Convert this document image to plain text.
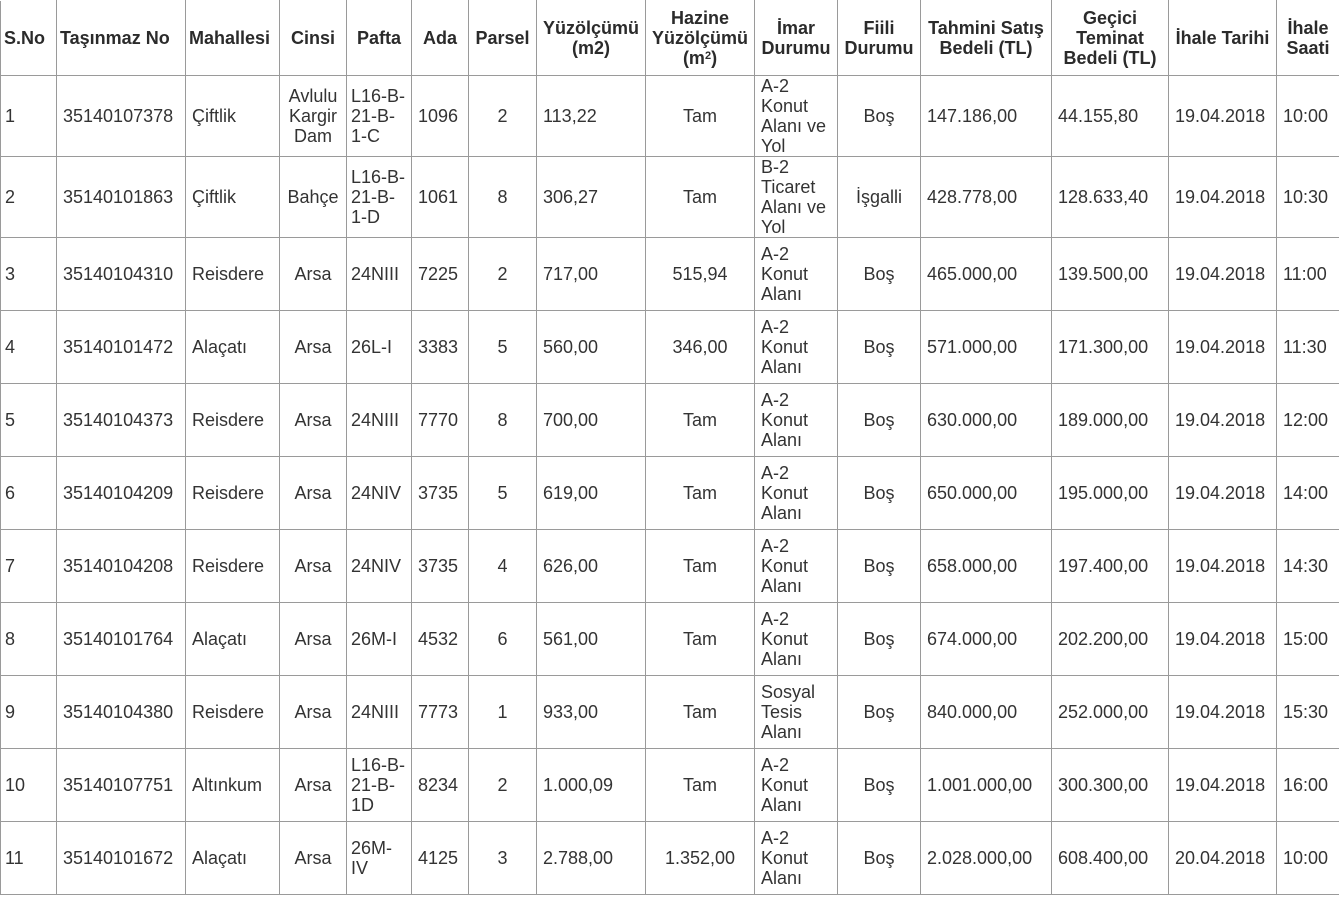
S.No	Taşınmaz No	Mahallesi	Cinsi	Pafta	Ada	Parsel	Yüzölçümü (m2)	Hazine Yüzölçümü $(m^2)$	İmar Durumu	Fiili Durumu	Tahmini Satış Bedeli (TL)	Geçici Teminat Bedeli (TL)	İhale Tarihi	İhale Saati
1	35140107378	Çiftlik	Avlulu Kargir Dam	L16-B-21-B-1-C	1096	2	113,22	Tam	A-2 Konut Alanı ve Yol	Boş	147.186,00	44.155,80	19.04.2018	10:00
2	35140101863	Çiftlik	Bahçe	L16-B-21-B-1-D	1061	8	306,27	Tam	B-2 Ticaret Alanı ve Yol	İşgalli	428.778,00	128.633,40	19.04.2018	10:30
3	35140104310	Reisdere	Arsa	24NIII	7225	2	717,00	515,94	A-2 Konut Alanı	Boş	465.000,00	139.500,00	19.04.2018	11:00
4	35140101472	Alaçatı	Arsa	26L-I	3383	5	560,00	346,00	A-2 Konut Alanı	Boş	571.000,00	171.300,00	19.04.2018	11:30
5	35140104373	Reisdere	Arsa	24NIII	7770	8	700,00	Tam	A-2 Konut Alanı	Boş	630.000,00	189.000,00	19.04.2018	12:00
6	35140104209	Reisdere	Arsa	24NIV	3735	5	619,00	Tam	A-2 Konut Alanı	Boş	650.000,00	195.000,00	19.04.2018	14:00
7	35140104208	Reisdere	Arsa	24NIV	3735	4	626,00	Tam	A-2 Konut Alanı	Boş	658.000,00	197.400,00	19.04.2018	14:30
8	35140101764	Alaçatı	Arsa	26M-I	4532	6	561,00	Tam	A-2 Konut Alanı	Boş	674.000,00	202.200,00	19.04.2018	15:00
9	35140104380	Reisdere	Arsa	24NIII	7773	1	933,00	Tam	Sosyal Tesis Alanı	Boş	840.000,00	252.000,00	19.04.2018	15:30
10	35140107751	Altınkum	Arsa	L16-B-21-B-1D	8234	2	1.000,09	Tam	A-2 Konut Alanı	Boş	1.001.000,00	300.300,00	19.04.2018	16:00
11	35140101672	Alaçatı	Arsa	26M-IV	4125	3	2.788,00	1.352,00	A-2 Konut Alanı	Boş	2.028.000,00	608.400,00	20.04.2018	10:00
